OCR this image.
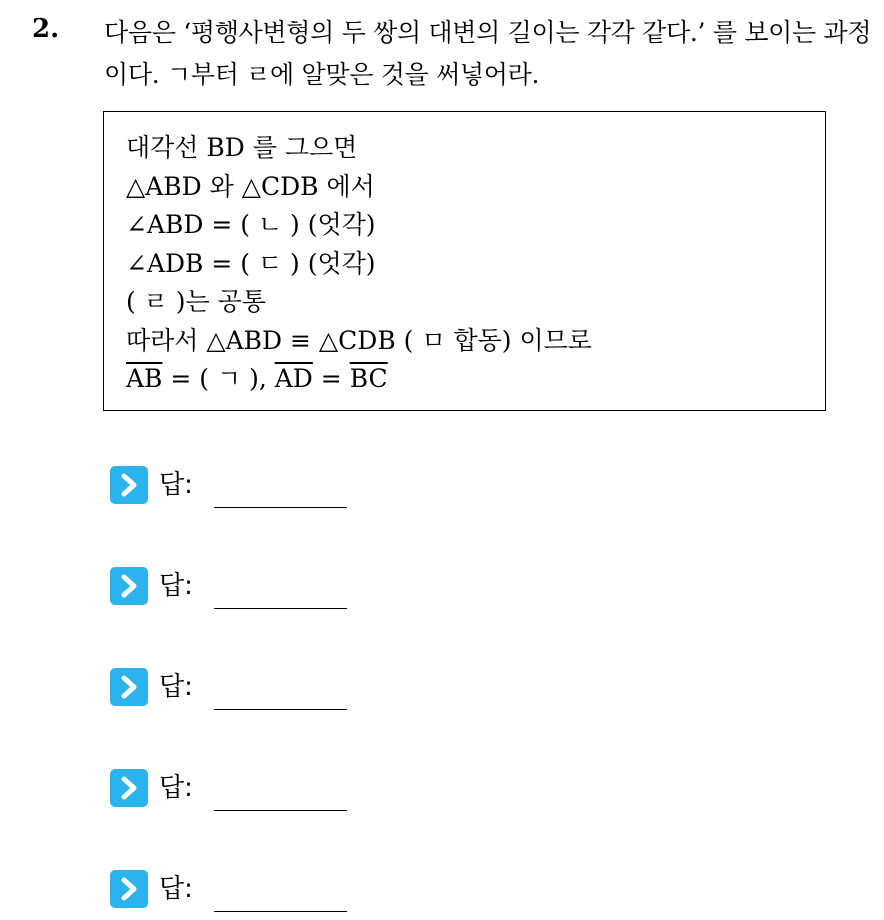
2. 다음은 ‘평행사변형의 두 쌍의 대변의 길이는 각각 같다.’ 를 보이는 과정이다. ㄱ부터 ㄹ에 알맞은 것을 써넣어라.
대각선 BD 를 그으면
△ABD 와 △CDB 에서
∠ABD = ( ㄴ ) (엇각)
∠ADB = ( ㄷ ) (엇각)
( ㄹ )는 공통
따라서 △ABD ≡ △CDB ( ㅁ 합동) 이므로
$\overline{AB}$ = ( ㄱ ), $\overline{AD} = \overline{BC}$
답:
답:
답:
답:
답:
